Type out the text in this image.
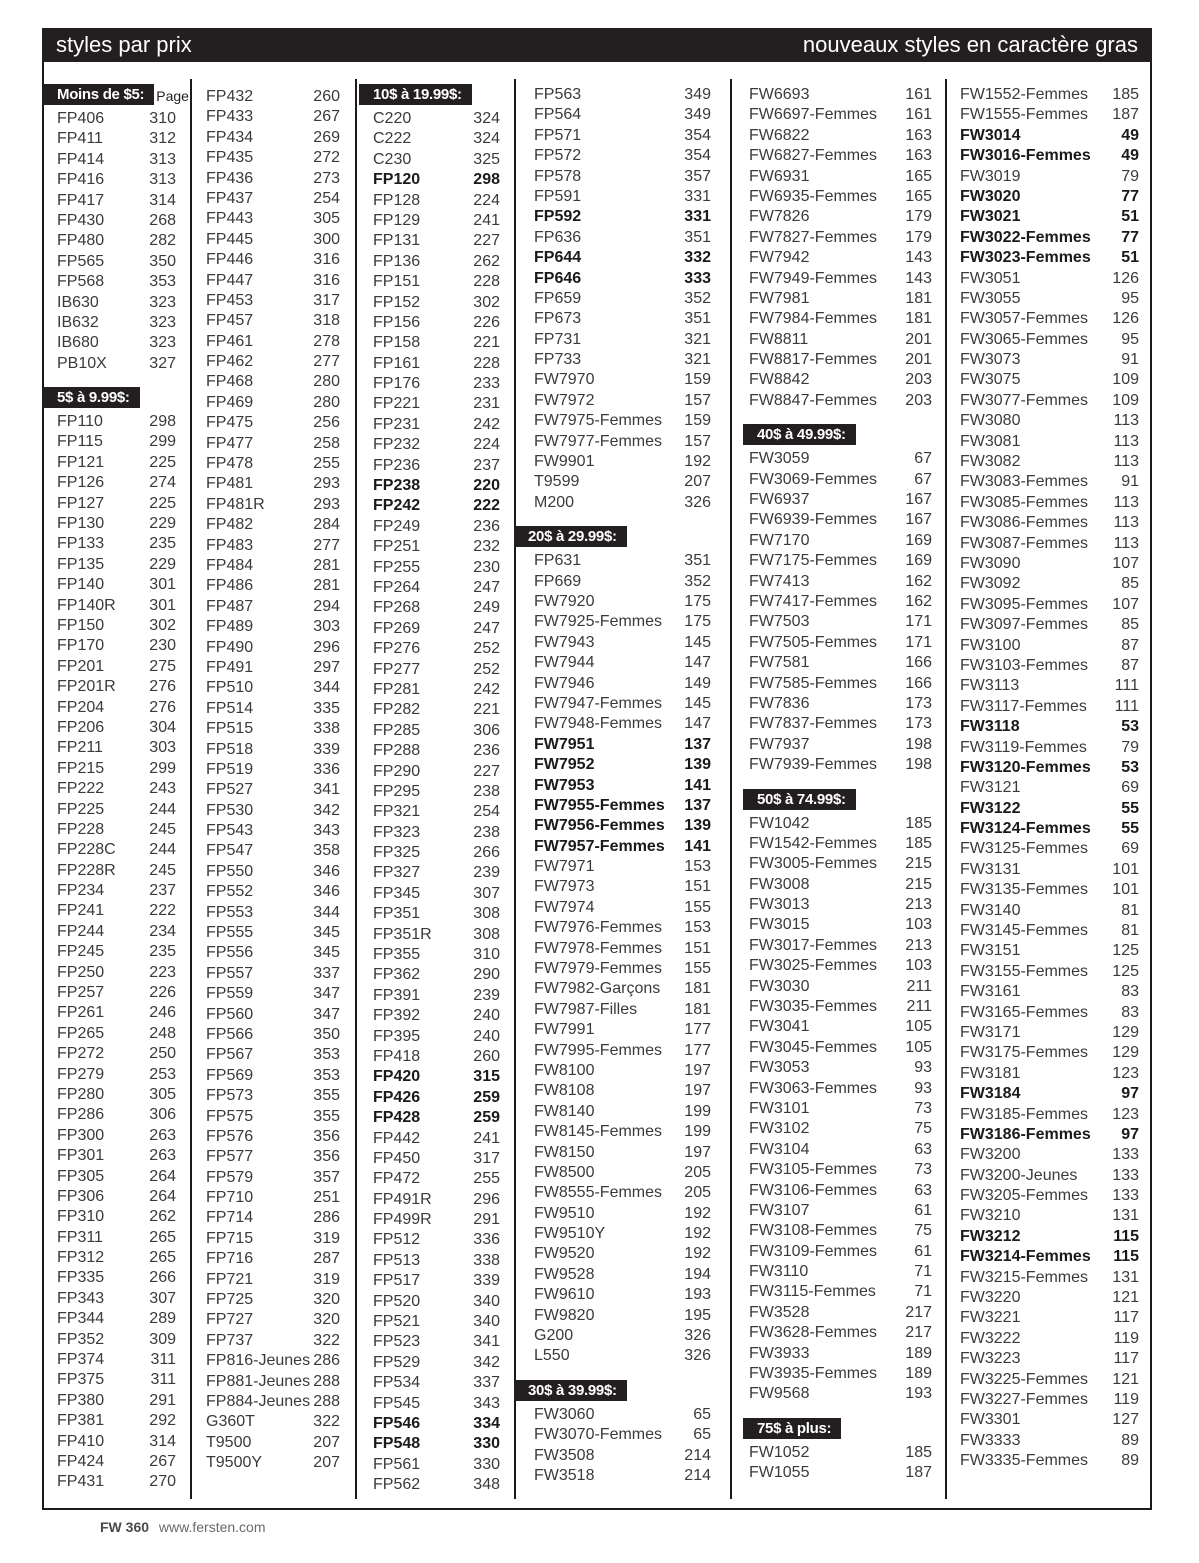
styles par prix	nouveaux styles en caractère gras
Moins de $5: Page
FP406	310
FP411	312
FP414	313
FP416	313
FP417	314
FP430	268
FP480	282
FP565	350
FP568	353
IB630	323
IB632	323
IB680	323
PB10X	327
5$ à 9.99$:
FP110	298
FP115	299
FP121	225
FP126	274
FP127	225
FP130	229
FP133	235
FP135	229
FP140	301
FP140R 301
FP150	302
FP170	230
FP201	275
FP201R 276
FP204	276
FP206	304
FP211	303
FP215	299
FP222	243
FP225	244
FP228	245
FP228C 244
FP228R 245
FP234	237
FP241	222
FP244	234
FP245	235
FP250	223
FP257	226
FP261	246
FP265	248
FP272	250
FP279	253
FP280	305
FP286	306
FP300	263
FP301	263
FP305	264
FP306	264
FP310	262
FP311	265
FP312	265
FP335	266
FP343	307
FP344	289
FP352	309
FP374	311
FP375	311
FP380	291
FP381	292
FP410	314
FP424	267
FP431	270
FP432	260
FP433	267
FP434	269
FP435	272
FP436	273
FP437	254
FP443	305
FP445	300
FP446	316
FP447	316
FP453	317
FP457	318
FP461	278
FP462	277
FP468	280
FP469	280
FP475	256
FP477	258
FP478	255
FP481	293
FP481R	293
FP482	284
FP483	277
FP484	281
FP486	281
FP487	294
FP489	303
FP490	296
FP491	297
FP510	344
FP514	335
FP515	338
FP518	339
FP519	336
FP527	341
FP530	342
FP543	343
FP547	358
FP550	346
FP552	346
FP553	344
FP555	345
FP556	345
FP557	337
FP559	347
FP560	347
FP566	350
FP567	353
FP569	353
FP573	355
FP575	355
FP576	356
FP577	356
FP579	357
FP710	251
FP714	286
FP715	319
FP716	287
FP721	319
FP725	320
FP727	320
FP737	322
FP816-Jeunes 286
FP881-Jeunes 288
FP884-Jeunes 288
G360T	322
T9500	207
T9500Y	207
10$ à 19.99$:
C220	324
C222	324
C230	325
FP120	298
FP128	224
FP129	241
FP131	227
FP136	262
FP151	228
FP152	302
FP156	226
FP158	221
FP161	228
FP176	233
FP221	231
FP231	242
FP232	224
FP236	237
FP238	220
FP242	222
FP249	236
FP251	232
FP255	230
FP264	247
FP268	249
FP269	247
FP276	252
FP277	252
FP281	242
FP282	221
FP285	306
FP288	236
FP290	227
FP295	238
FP321	254
FP323	238
FP325	266
FP327	239
FP345	307
FP351	308
FP351R	308
FP355	310
FP362	290
FP391	239
FP392	240
FP395	240
FP418	260
FP420	315
FP426	259
FP428	259
FP442	241
FP450	317
FP472	255
FP491R	296
FP499R	291
FP512	336
FP513	338
FP517	339
FP520	340
FP521	340
FP523	341
FP529	342
FP534	337
FP545	343
FP546	334
FP548	330
FP561	330
FP562	348
FP563	349
FP564	349
FP571	354
FP572	354
FP578	357
FP591	331
FP592	331
FP636	351
FP644	332
FP646	333
FP659	352
FP673	351
FP731	321
FP733	321
FW7970	159
FW7972	157
FW7975-Femmes 159
FW7977-Femmes 157
FW9901	192
T9599	207
M200	326
20$ à 29.99$:
FP631	351
FP669	352
FW7920	175
FW7925-Femmes 175
FW7943	145
FW7944	147
FW7946	149
FW7947-Femmes 145
FW7948-Femmes 147
FW7951	137
FW7952	139
FW7953	141
FW7955-Femmes 137
FW7956-Femmes 139
FW7957-Femmes 141
FW7971	153
FW7973	151
FW7974	155
FW7976-Femmes 153
FW7978-Femmes 151
FW7979-Femmes 155
FW7982-Garçons 181
FW7987-Filles	181
FW7991	177
FW7995-Femmes 177
FW8100	197
FW8108	197
FW8140	199
FW8145-Femmes 199
FW8150	197
FW8500	205
FW8555-Femmes 205
FW9510	192
FW9510Y	192
FW9520	192
FW9528	194
FW9610	193
FW9820	195
G200	326
L550	326
30$ à 39.99$:
FW3060	65
FW3070-Femmes 65
FW3508	214
FW3518	214
FW6693	161
FW6697-Femmes 161
FW6822	163
FW6827-Femmes 163
FW6931	165
FW6935-Femmes 165
FW7826	179
FW7827-Femmes 179
FW7942	143
FW7949-Femmes 143
FW7981	181
FW7984-Femmes 181
FW8811	201
FW8817-Femmes 201
FW8842	203
FW8847-Femmes 203
40$ à 49.99$:
FW3059	67
FW3069-Femmes 67
FW6937	167
FW6939-Femmes 167
FW7170	169
FW7175-Femmes 169
FW7413	162
FW7417-Femmes 162
FW7503	171
FW7505-Femmes 171
FW7581	166
FW7585-Femmes 166
FW7836	173
FW7837-Femmes 173
FW7937	198
FW7939-Femmes 198
50$ à 74.99$:
FW1042	185
FW1542-Femmes 185
FW3005-Femmes 215
FW3008	215
FW3013	213
FW3015	103
FW3017-Femmes 213
FW3025-Femmes 103
FW3030	211
FW3035-Femmes 211
FW3041	105
FW3045-Femmes 105
FW3053	93
FW3063-Femmes 93
FW3101	73
FW3102	75
FW3104	63
FW3105-Femmes 73
FW3106-Femmes 63
FW3107	61
FW3108-Femmes 75
FW3109-Femmes 61
FW3110	71
FW3115-Femmes 71
FW3528	217
FW3628-Femmes 217
FW3933	189
FW3935-Femmes 189
FW9568	193
75$ à plus:
FW1052	185
FW1055	187
FW1552-Femmes 185
FW1555-Femmes 187
FW3014	49
FW3016-Femmes 49
FW3019	79
FW3020	77
FW3021	51
FW3022-Femmes 77
FW3023-Femmes 51
FW3051	126
FW3055	95
FW3057-Femmes 126
FW3065-Femmes 95
FW3073	91
FW3075	109
FW3077-Femmes 109
FW3080	113
FW3081	113
FW3082	113
FW3083-Femmes 91
FW3085-Femmes 113
FW3086-Femmes 113
FW3087-Femmes 113
FW3090	107
FW3092	85
FW3095-Femmes 107
FW3097-Femmes 85
FW3100	87
FW3103-Femmes 87
FW3113	111
FW3117-Femmes 111
FW3118	53
FW3119-Femmes 79
FW3120-Femmes 53
FW3121	69
FW3122	55
FW3124-Femmes 55
FW3125-Femmes 69
FW3131	101
FW3135-Femmes 101
FW3140	81
FW3145-Femmes 81
FW3151	125
FW3155-Femmes 125
FW3161	83
FW3165-Femmes 83
FW3171	129
FW3175-Femmes 129
FW3181	123
FW3184	97
FW3185-Femmes 123
FW3186-Femmes 97
FW3200	133
FW3200-Jeunes 133
FW3205-Femmes 133
FW3210	131
FW3212	115
FW3214-Femmes 115
FW3215-Femmes 131
FW3220	121
FW3221	117
FW3222	119
FW3223	117
FW3225-Femmes 121
FW3227-Femmes 119
FW3301	127
FW3333	89
FW3335-Femmes 89
FW 360 www.fersten.com
